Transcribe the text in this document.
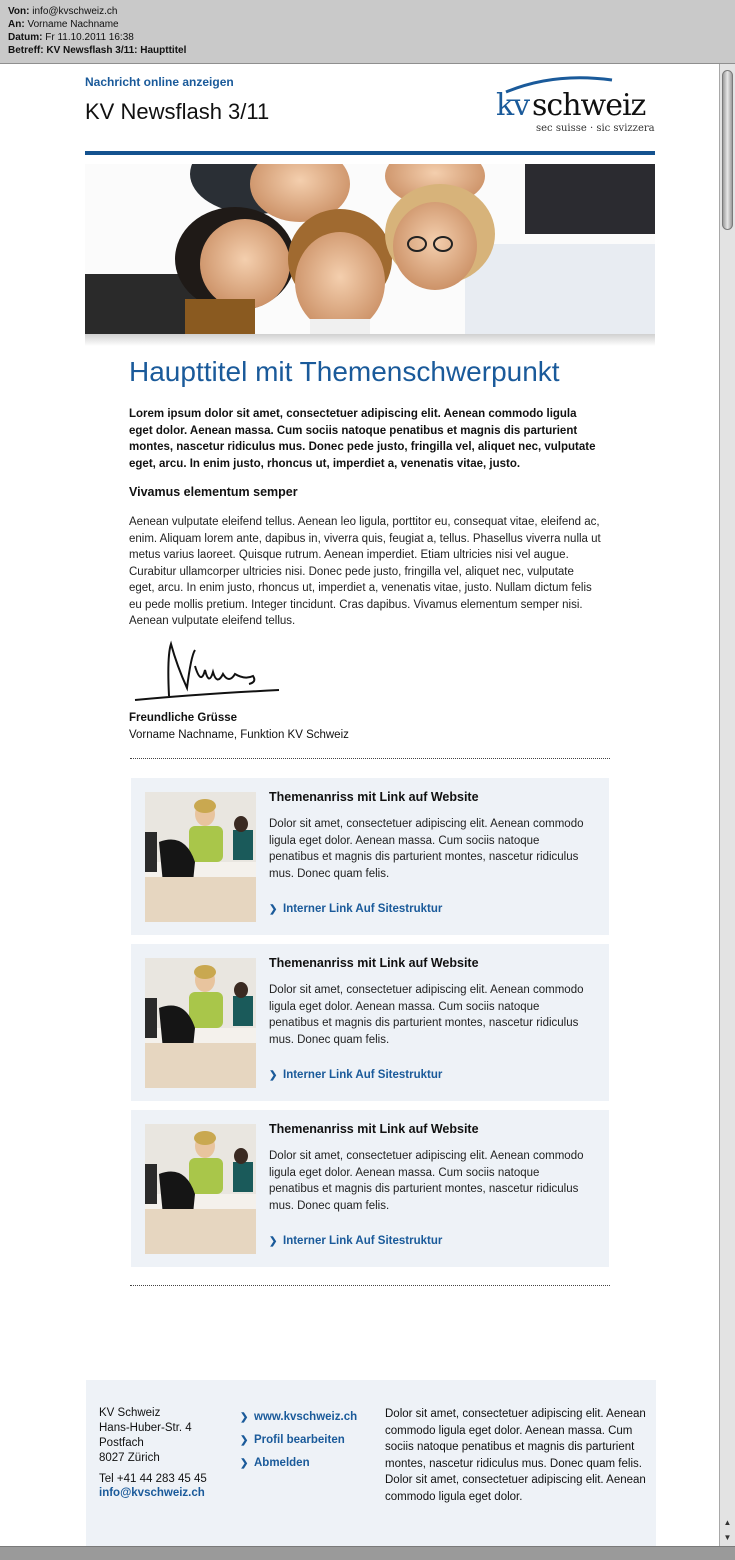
Von: info@kvschweiz.ch
An: Vorname Nachname
Datum: Fr 11.10.2011 16:38
Betreff: KV Newsflash 3/11: Haupttitel
Nachricht online anzeigen
KV Newsflash 3/11	kv schweiz
sec suisse · sic svizzera
Haupttitel mit Themenschwerpunkt
Lorem ipsum dolor sit amet, consectetuer adipiscing elit. Aenean commodo ligula eget dolor. Aenean massa. Cum sociis natoque penatibus et magnis dis parturient montes, nascetur ridiculus mus. Donec pede justo, fringilla vel, aliquet nec, vulputate eget, arcu. In enim justo, rhoncus ut, imperdiet a, venenatis vitae, justo.
Vivamus elementum semper
Aenean vulputate eleifend tellus. Aenean leo ligula, porttitor eu, consequat vitae, eleifend ac, enim. Aliquam lorem ante, dapibus in, viverra quis, feugiat a, tellus. Phasellus viverra nulla ut metus varius laoreet. Quisque rutrum. Aenean imperdiet. Etiam ultricies nisi vel augue. Curabitur ullamcorper ultricies nisi. Donec pede justo, fringilla vel, aliquet nec, vulputate eget, arcu. In enim justo, rhoncus ut, imperdiet a, venenatis vitae, justo. Nullam dictum felis eu pede mollis pretium. Integer tincidunt. Cras dapibus. Vivamus elementum semper nisi. Aenean vulputate eleifend tellus.
Freundliche Grüsse
Vorname Nachname, Funktion KV Schweiz
Themenanriss mit Link auf Website
Dolor sit amet, consectetuer adipiscing elit. Aenean commodo ligula eget dolor. Aenean massa. Cum sociis natoque penatibus et magnis dis parturient montes, nascetur ridiculus mus. Donec quam felis.
❯ Interner Link Auf Sitestruktur
Themenanriss mit Link auf Website
Dolor sit amet, consectetuer adipiscing elit. Aenean commodo ligula eget dolor. Aenean massa. Cum sociis natoque penatibus et magnis dis parturient montes, nascetur ridiculus mus. Donec quam felis.
❯ Interner Link Auf Sitestruktur
Themenanriss mit Link auf Website
Dolor sit amet, consectetuer adipiscing elit. Aenean commodo ligula eget dolor. Aenean massa. Cum sociis natoque penatibus et magnis dis parturient montes, nascetur ridiculus mus. Donec quam felis.
❯ Interner Link Auf Sitestruktur
KV Schweiz
Hans-Huber-Str. 4
Postfach
8027 Zürich
Tel +41 44 283 45 45
info@kvschweiz.ch
❯ www.kvschweiz.ch
❯ Profil bearbeiten
❯ Abmelden
Dolor sit amet, consectetuer adipiscing elit. Aenean commodo ligula eget dolor. Aenean massa. Cum sociis natoque penatibus et magnis dis parturient montes, nascetur ridiculus mus. Donec quam felis. Dolor sit amet, consectetuer adipiscing elit. Aenean commodo ligula eget dolor.
▲
▼
